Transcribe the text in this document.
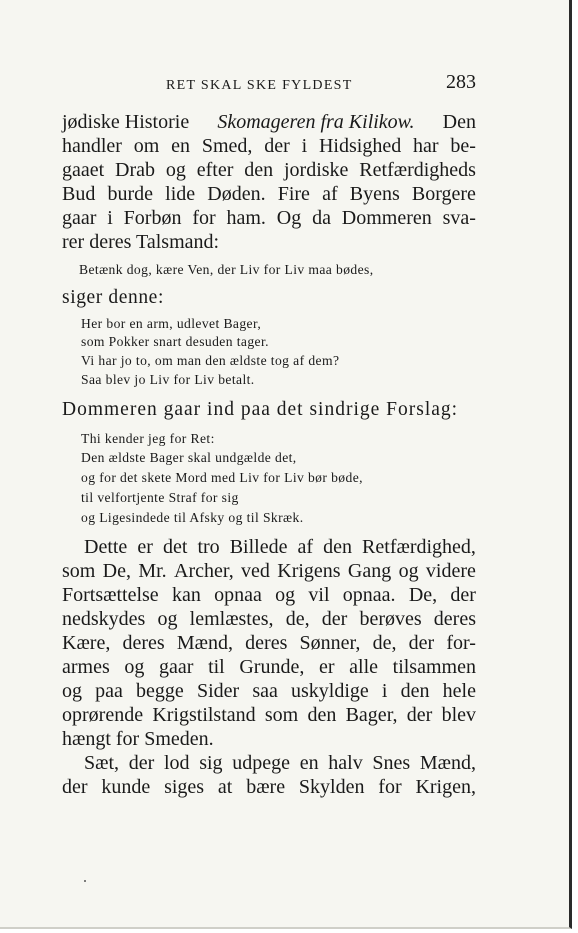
RET SKAL SKE FYLDEST	283
jødiske Historie Skomageren fra Kilikow. Den
handler om en Smed, der i Hidsighed har be-
gaaet Drab og efter den jordiske Retfærdigheds
Bud burde lide Døden. Fire af Byens Borgere
gaar i Forbøn for ham. Og da Dommeren sva-
rer deres Talsmand:
Betænk dog, kære Ven, der Liv for Liv maa bødes,
siger denne:
Her bor en arm, udlevet Bager,
som Pokker snart desuden tager.
Vi har jo to, om man den ældste tog af dem?
Saa blev jo Liv for Liv betalt.
Dommeren gaar ind paa det sindrige Forslag:
Thi kender jeg for Ret:
Den ældste Bager skal undgælde det,
og for det skete Mord med Liv for Liv bør bøde,
til velfortjente Straf for sig
og Ligesindede til Afsky og til Skræk.
Dette er det tro Billede af den Retfærdighed,
som De, Mr. Archer, ved Krigens Gang og videre
Fortsættelse kan opnaa og vil opnaa. De, der
nedskydes og lemlæstes, de, der berøves deres
Kære, deres Mænd, deres Sønner, de, der for-
armes og gaar til Grunde, er alle tilsammen
og paa begge Sider saa uskyldige i den hele
oprørende Krigstilstand som den Bager, der blev
hængt for Smeden.
Sæt, der lod sig udpege en halv Snes Mænd,
der kunde siges at bære Skylden for Krigen,
